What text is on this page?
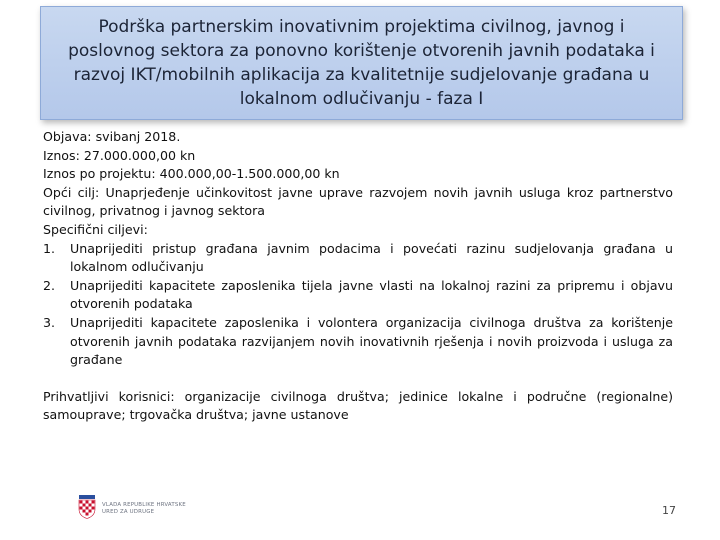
Podrška partnerskim inovativnim projektima civilnog, javnog i poslovnog sektora za ponovno korištenje otvorenih javnih podataka i razvoj IKT/mobilnih aplikacija za kvalitetnije sudjelovanje građana u lokalnom odlučivanju - faza I

Objava: svibanj 2018.

Iznos: 27.000.000,00 kn

Iznos po projektu: 400.000,00-1.500.000,00 kn

Opći cilj: Unaprjeđenje učinkovitost javne uprave razvojem novih javnih usluga kroz partnerstvo civilnog, privatnog i javnog sektora

Specifični ciljevi:

1. Unaprijediti pristup građana javnim podacima i povećati razinu sudjelovanja građana u lokalnom odlučivanju
2. Unaprijediti kapacitete zaposlenika tijela javne vlasti na lokalnoj razini za pripremu i objavu otvorenih podataka
3. Unaprijediti kapacitete zaposlenika i volontera organizacija civilnoga društva za korištenje otvorenih javnih podataka razvijanjem novih inovativnih rješenja i novih proizvoda i usluga za građane

Prihvatljivi korisnici: organizacije civilnoga društva; jedinice lokalne i područne (regionalne) samouprave; trgovačka društva; javne ustanove

VLADA REPUBLIKE HRVATSKE
URED ZA UDRUGE	17
